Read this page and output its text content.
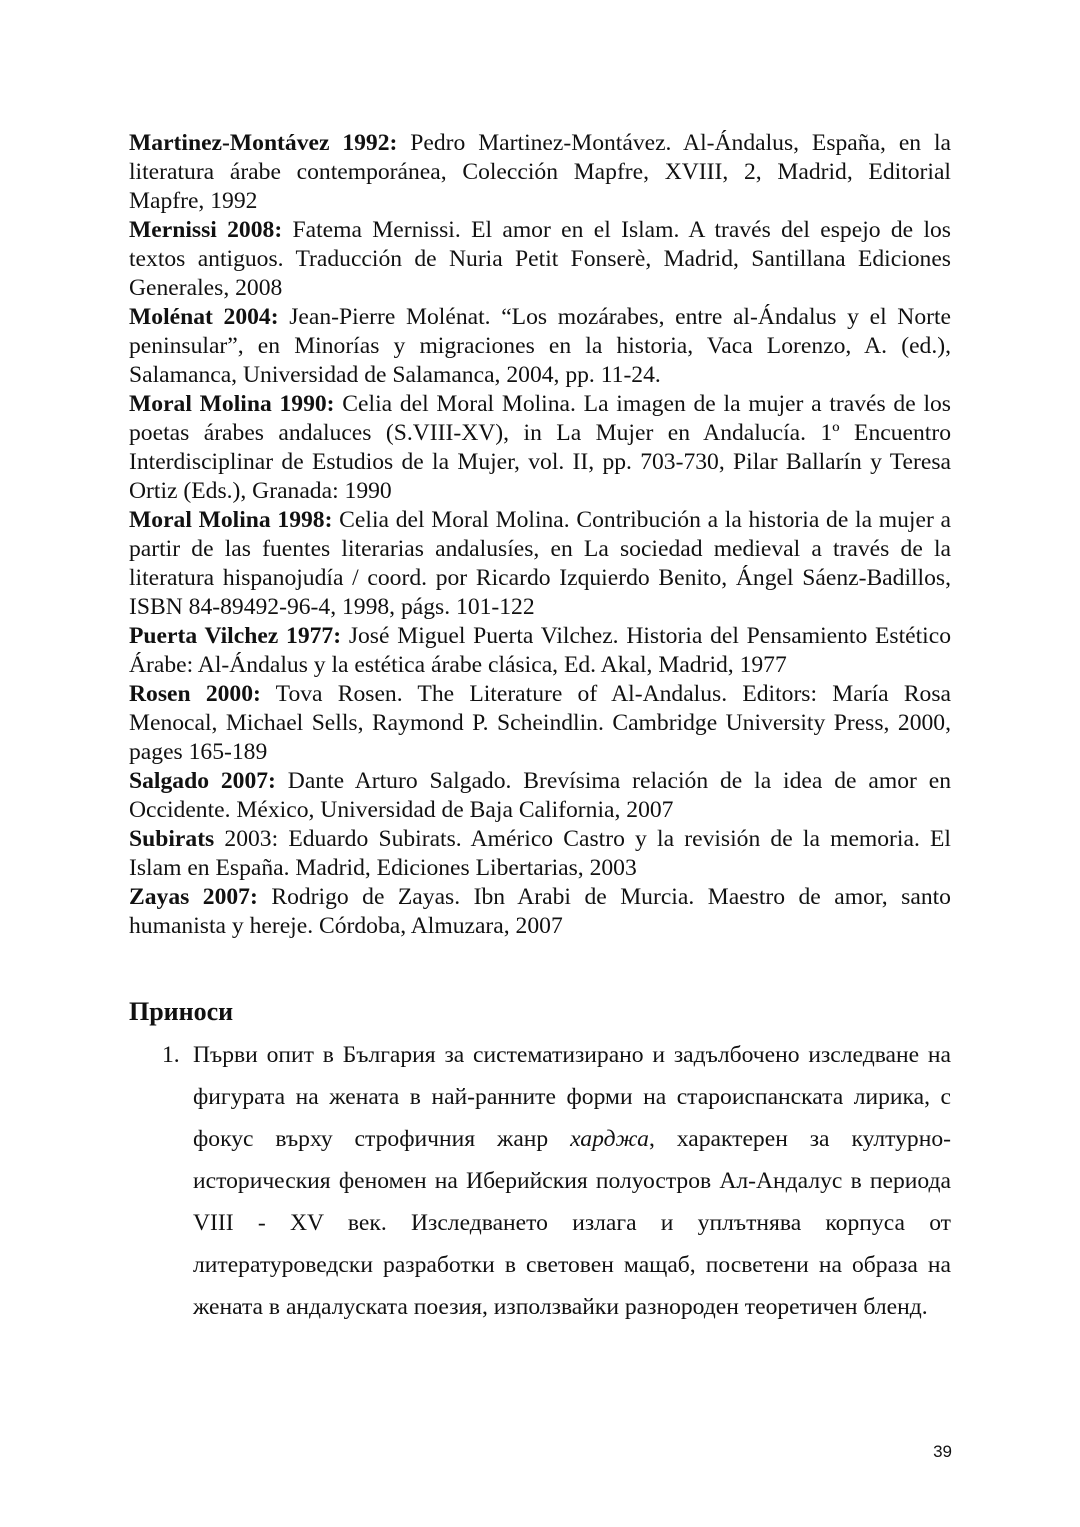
Martinez-Montávez 1992: Pedro Martinez-Montávez. Al-Ándalus, España, en la literatura árabe contemporánea, Colección Mapfre, XVIII, 2, Madrid, Editorial Mapfre, 1992

Mernissi 2008: Fatema Mernissi. El amor en el Islam. A través del espejo de los textos antiguos. Traducción de Nuria Petit Fonserè, Madrid, Santillana Ediciones Generales, 2008

Molénat 2004: Jean-Pierre Molénat. “Los mozárabes, entre al-Ándalus y el Norte peninsular”, en Minorías y migraciones en la historia, Vaca Lorenzo, A. (ed.), Salamanca, Universidad de Salamanca, 2004, pp. 11-24.

Moral Molina 1990: Celia del Moral Molina. La imagen de la mujer a través de los poetas árabes andaluces (S.VIII-XV), in La Mujer en Andalucía. 1º Encuentro Interdisciplinar de Estudios de la Mujer, vol. II, pp. 703-730, Pilar Ballarín y Teresa Ortiz (Eds.), Granada: 1990

Moral Molina 1998: Celia del Moral Molina. Contribución a la historia de la mujer a partir de las fuentes literarias andalusíes, en La sociedad medieval a través de la literatura hispanojudía / coord. por Ricardo Izquierdo Benito, Ángel Sáenz-Badillos, ISBN 84-89492-96-4, 1998, págs. 101-122

Puerta Vilchez 1977: José Miguel Puerta Vilchez. Historia del Pensamiento Estético Árabe: Al-Ándalus y la estética árabe clásica, Ed. Akal, Madrid, 1977

Rosen 2000: Tova Rosen. The Literature of Al-Andalus. Editors: María Rosa Menocal, Michael Sells, Raymond P. Scheindlin. Cambridge University Press, 2000, pages 165-189

Salgado 2007: Dante Arturo Salgado. Brevísima relación de la idea de amor en Occidente. México, Universidad de Baja California, 2007

Subirats 2003: Eduardo Subirats. Américo Castro y la revisión de la memoria. El Islam en España. Madrid, Ediciones Libertarias, 2003

Zayas 2007: Rodrigo de Zayas. Ibn Arabi de Murcia. Maestro de amor, santo humanista y hereje. Córdoba, Almuzara, 2007

Приноси
1. Първи опит в България за систематизирано и задълбочено изследване на фигурата на жената в най-ранните форми на староиспанската лирика, с фокус върху строфичния жанр харджа, характерен за културно-историческия феномен на Иберийския полуостров Ал-Андалус в периода VIII - XV век. Изследването излага и уплътнява корпуса от литературоведски разработки в световен мащаб, посветени на образа на жената в андалуската поезия, използвайки разнороден теоретичен бленд.
39
